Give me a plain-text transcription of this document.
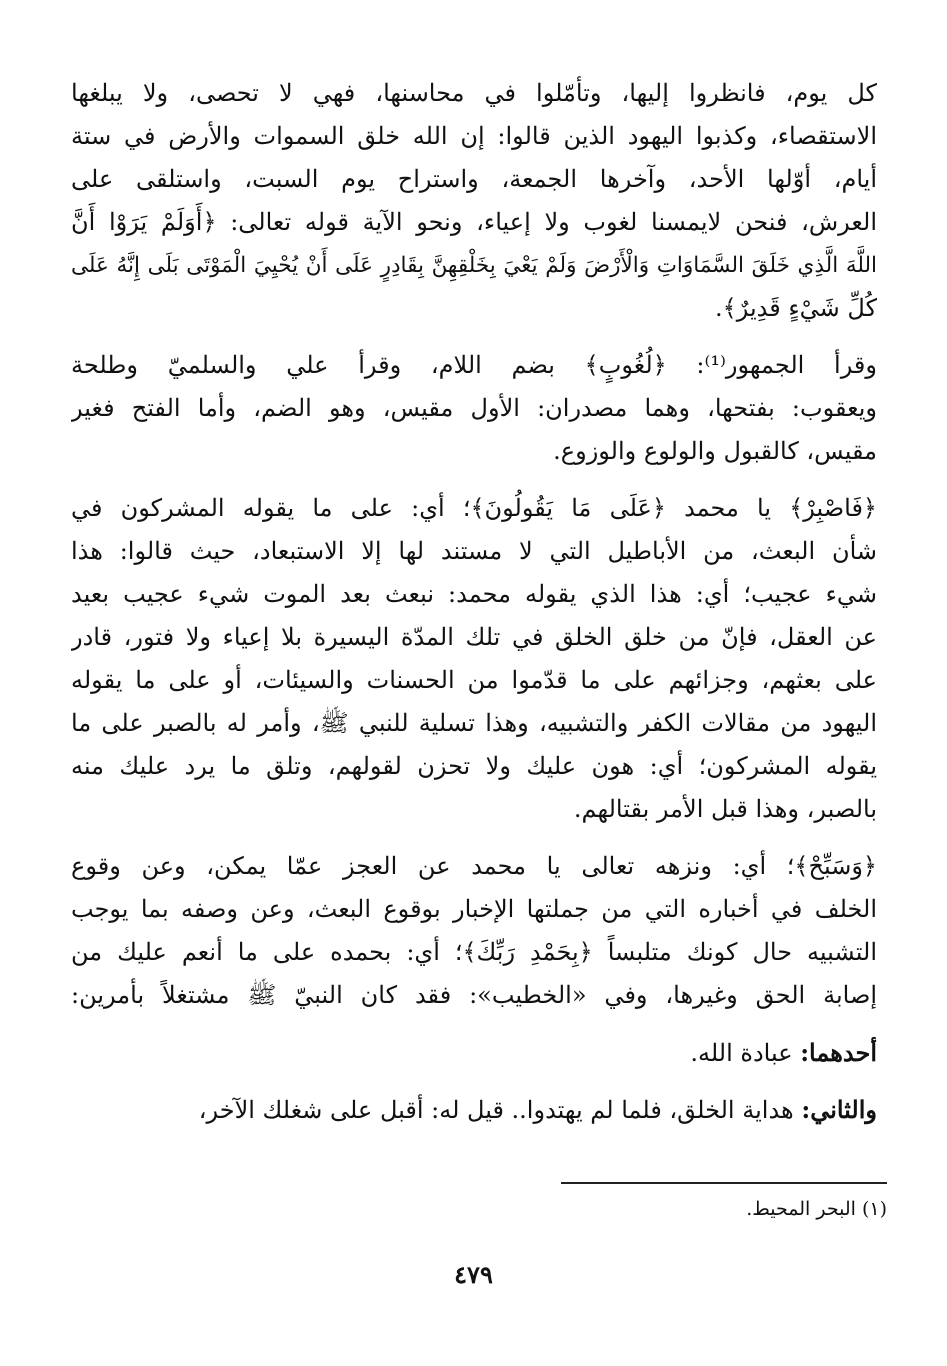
كل يوم، فانظروا إليها، وتأمّلوا في محاسنها، فهي لا تحصى، ولا يبلغها
الاستقصاء، وكذبوا اليهود الذين قالوا: إن الله خلق السموات والأرض في ستة
أيام، أوّلها الأحد، وآخرها الجمعة، واستراح يوم السبت، واستلقى على
العرش، فنحن لايمسنا لغوب ولا إعياء، ونحو الآية قوله تعالى: ﴿أَوَلَمْ يَرَوْا أَنَّ
اللَّهَ الَّذِي خَلَقَ السَّمَاوَاتِ وَالْأَرْضَ وَلَمْ يَعْيَ بِخَلْقِهِنَّ بِقَادِرٍ عَلَى أَنْ يُحْيِيَ الْمَوْتَى بَلَى إِنَّهُ عَلَى
كُلِّ شَيْءٍ قَدِيرٌ﴾.
وقرأ الجمهور⁽¹⁾: ﴿لُغُوبٍ﴾ بضم اللام، وقرأ علي والسلميّ وطلحة
ويعقوب: بفتحها، وهما مصدران: الأول مقيس، وهو الضم، وأما الفتح فغير
مقيس، كالقبول والولوع والوزوع.
﴿فَاصْبِرْ﴾ يا محمد ﴿عَلَى مَا يَقُولُونَ﴾؛ أي: على ما يقوله المشركون في
شأن البعث، من الأباطيل التي لا مستند لها إلا الاستبعاد، حيث قالوا: هذا
شيء عجيب؛ أي: هذا الذي يقوله محمد: نبعث بعد الموت شيء عجيب بعيد
عن العقل، فإنّ من خلق الخلق في تلك المدّة اليسيرة بلا إعياء ولا فتور، قادر
على بعثهم، وجزائهم على ما قدّموا من الحسنات والسيئات، أو على ما يقوله
اليهود من مقالات الكفر والتشبيه، وهذا تسلية للنبي ﷺ، وأمر له بالصبر على ما
يقوله المشركون؛ أي: هون عليك ولا تحزن لقولهم، وتلق ما يرد عليك منه
بالصبر، وهذا قبل الأمر بقتالهم.
﴿وَسَبِّحْ﴾؛ أي: ونزهه تعالى يا محمد عن العجز عمّا يمكن، وعن وقوع
الخلف في أخباره التي من جملتها الإخبار بوقوع البعث، وعن وصفه بما يوجب
التشبيه حال كونك متلبساً ﴿بِحَمْدِ رَبِّكَ﴾؛ أي: بحمده على ما أنعم عليك من
إصابة الحق وغيرها، وفي «الخطيب»: فقد كان النبيّ ﷺ مشتغلاً بأمرين:
أحدهما: عبادة الله.
والثاني: هداية الخلق، فلما لم يهتدوا.. قيل له: أقبل على شغلك الآخر،
(١) البحر المحيط.
٤٧٩
